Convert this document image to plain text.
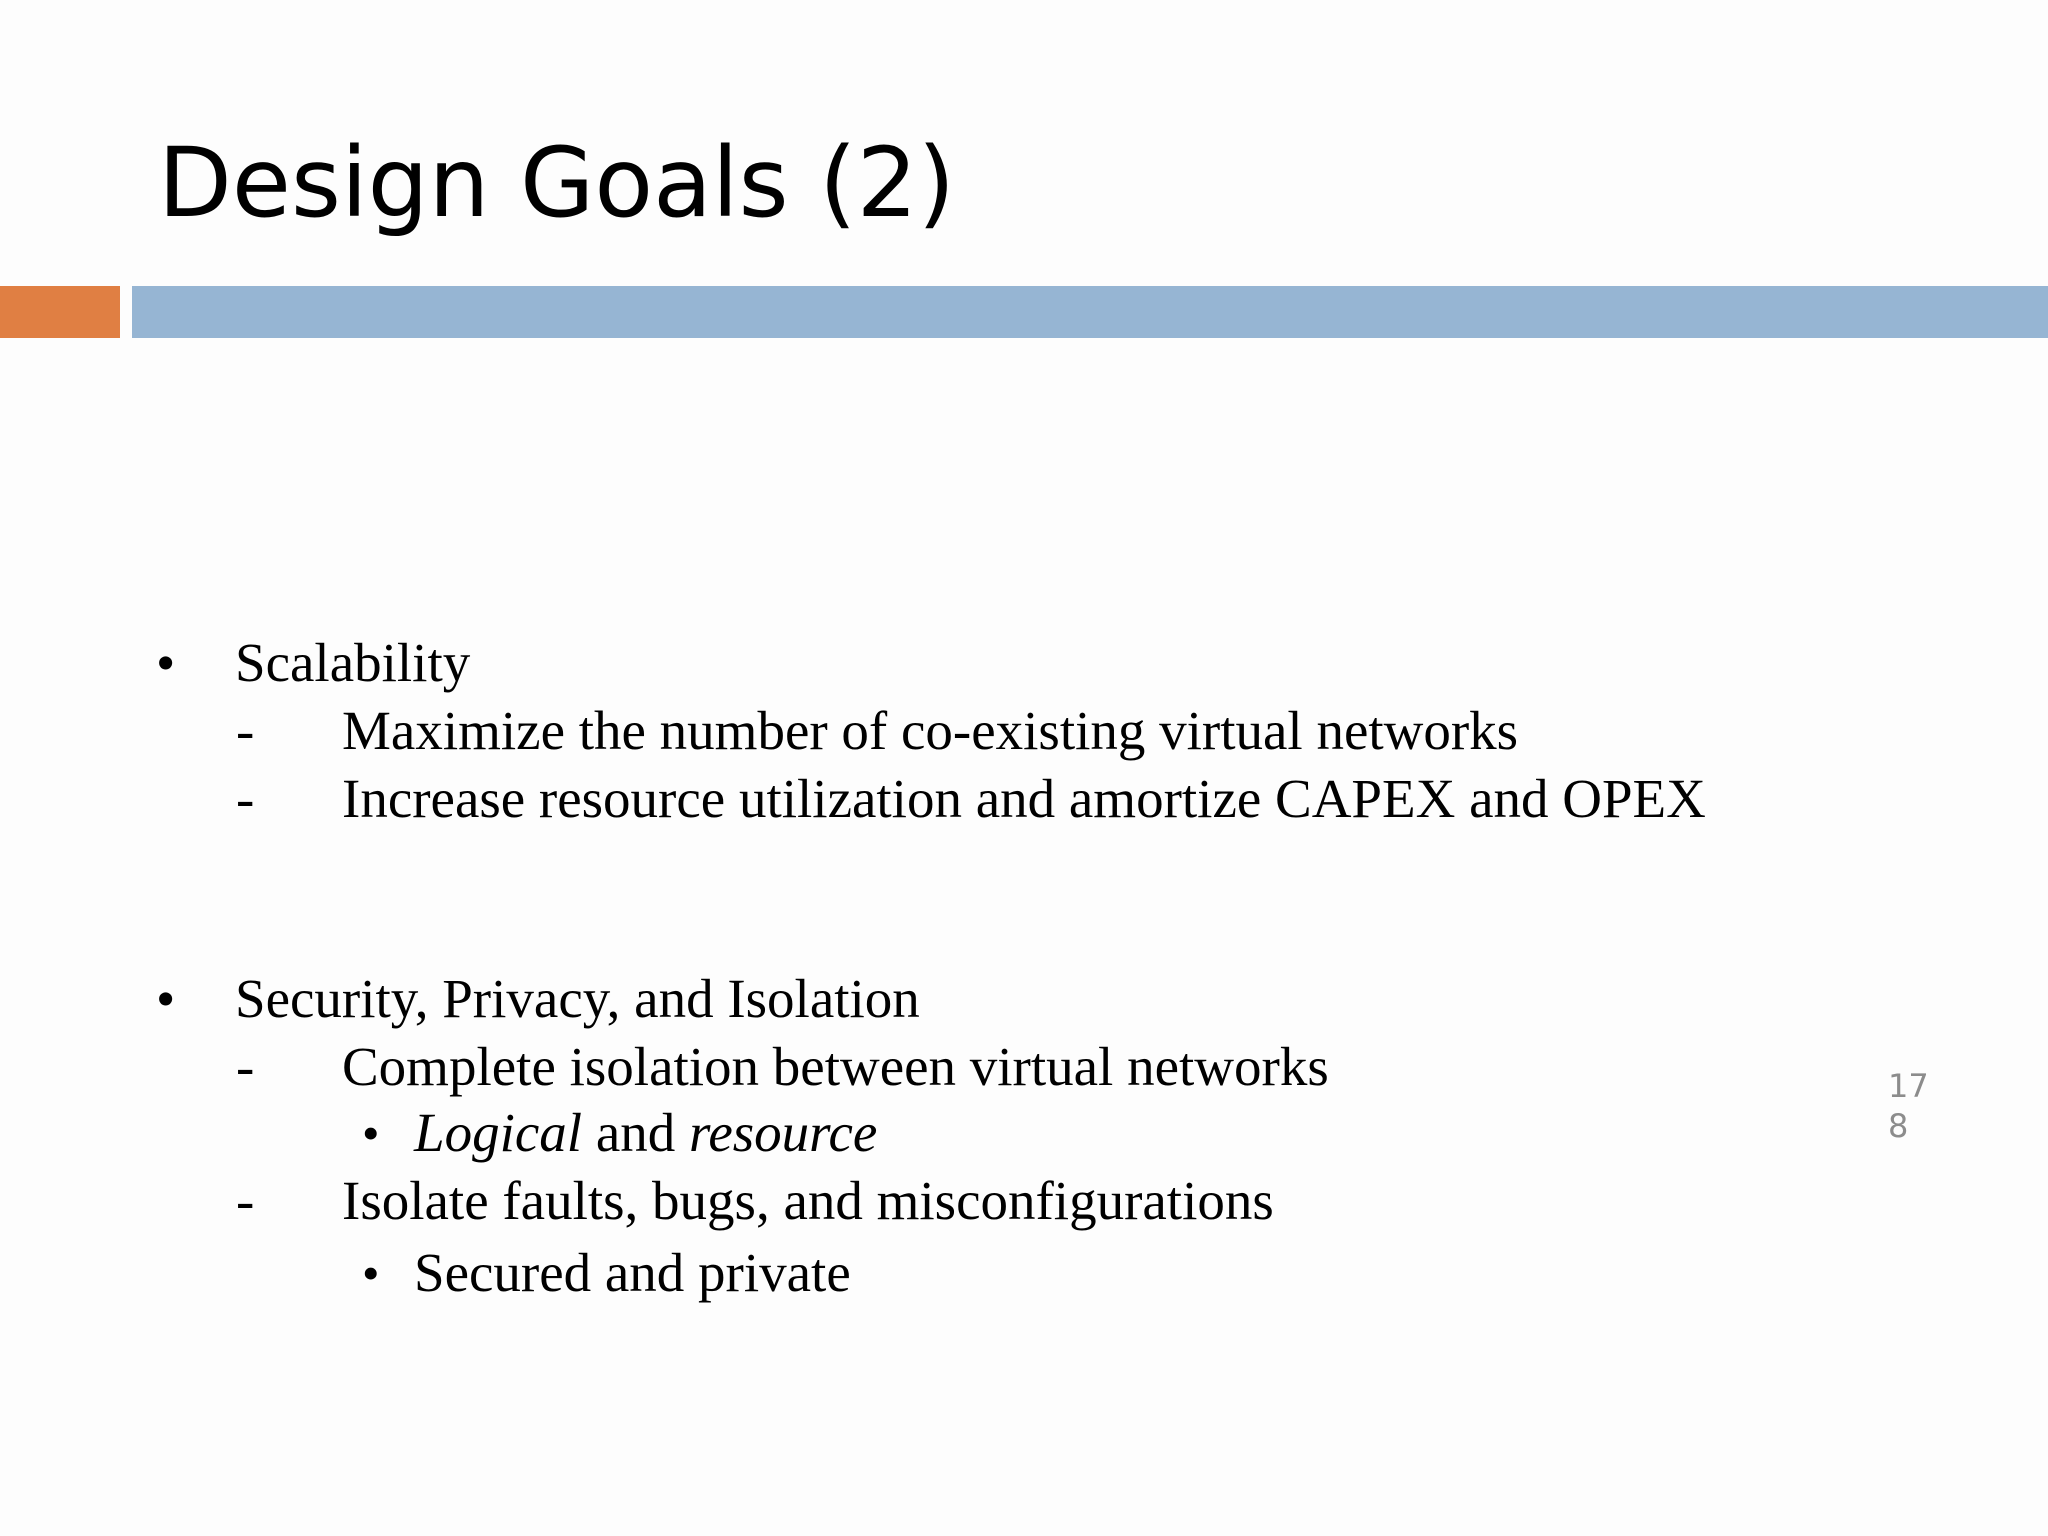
Design Goals (2)
• Scalability
- Maximize the number of co-existing virtual networks
- Increase resource utilization and amortize CAPEX and OPEX
• Security, Privacy, and Isolation
- Complete isolation between virtual networks
• Logical and resource
- Isolate faults, bugs, and misconfigurations
• Secured and private
178
